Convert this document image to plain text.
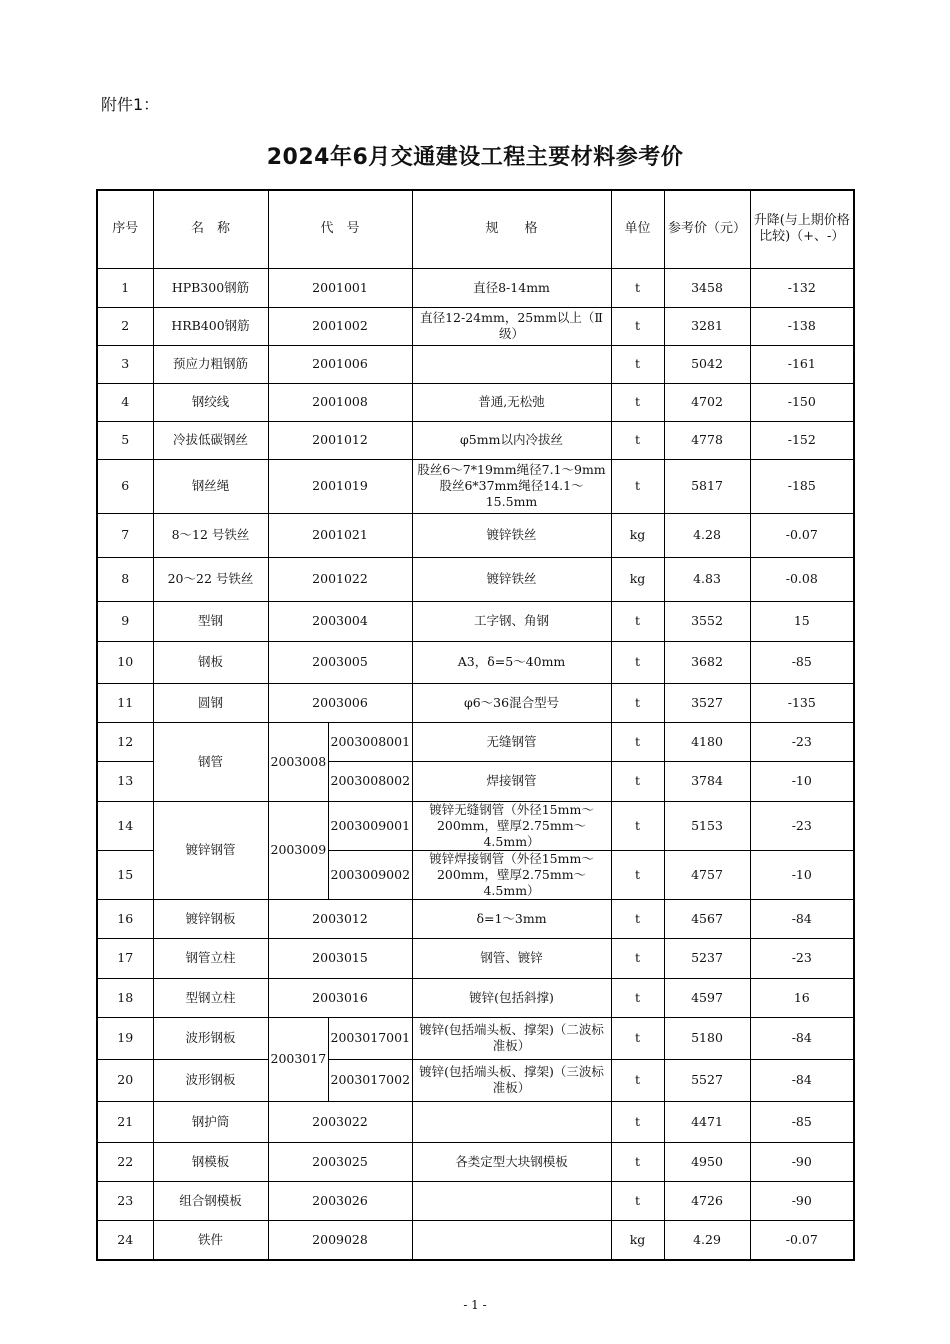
附件1：
2024年6月交通建设工程主要材料参考价
序号	名　称	代　号		规　　格	单位	参考价（元）	升降(与上期价格比较)（+、-）
1	HPB300钢筋	2001001		直径8-14mm	t	3458	-132
2	HRB400钢筋	2001002		直径12-24mm，25mm以上（Ⅱ级）	t	3281	-138
3	预应力粗钢筋	2001006			t	5042	-161
4	钢绞线	2001008		普通,无松弛	t	4702	-150
5	冷拔低碳钢丝	2001012		φ5mm以内冷拔丝	t	4778	-152
6	钢丝绳	2001019		股丝6～7*19mm绳径7.1～9mm 股丝6*37mm绳径14.1～15.5mm	t	5817	-185
7	8～12 号铁丝	2001021		镀锌铁丝	kg	4.28	-0.07
8	20～22 号铁丝	2001022		镀锌铁丝	kg	4.83	-0.08
9	型钢	2003004		工字钢、角钢	t	3552	15
10	钢板	2003005		A3，δ=5～40mm	t	3682	-85
11	圆钢	2003006		φ6～36混合型号	t	3527	-135
12	钢管	2003008	2003008001	无缝钢管	t	4180	-23
13			2003008002	焊接钢管	t	3784	-10
14	镀锌钢管	2003009	2003009001	镀锌无缝钢管（外径15mm～200mm，壁厚2.75mm～4.5mm）	t	5153	-23
15			2003009002	镀锌焊接钢管（外径15mm～200mm，壁厚2.75mm～4.5mm）	t	4757	-10
16	镀锌钢板	2003012		δ=1～3mm	t	4567	-84
17	钢管立柱	2003015		钢管、镀锌	t	5237	-23
18	型钢立柱	2003016		镀锌(包括斜撑)	t	4597	16
19	波形钢板	2003017	2003017001	镀锌(包括端头板、撑架)（二波标准板）	t	5180	-84
20	波形钢板		2003017002	镀锌(包括端头板、撑架)（三波标准板）	t	5527	-84
21	钢护筒	2003022			t	4471	-85
22	钢模板	2003025		各类定型大块钢模板	t	4950	-90
23	组合钢模板	2003026			t	4726	-90
24	铁件	2009028			kg	4.29	-0.07
- 1 -
